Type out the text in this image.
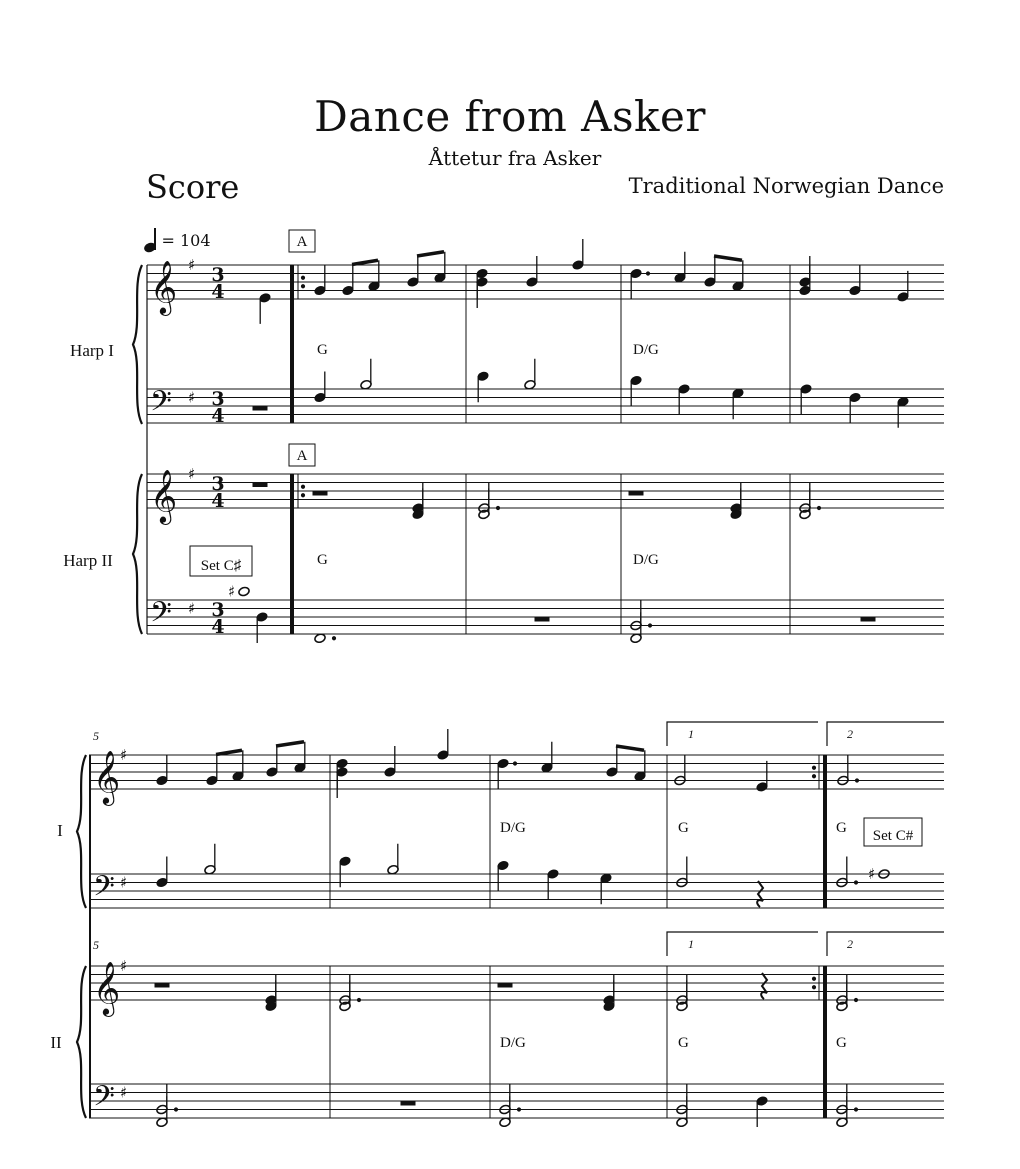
Dance from Asker
Åttetur fra Asker
Score	Traditional Norwegian Dance
= 104
Harp I
Harp II
𝄞 ♯ 3
4
𝄞 ♯ 3
4
𝄢 ♯ 3
4
𝄢 ♯ 3
4
A
A
♯
Set C♯
G	D/G
G	D/G
I
II
5
5
𝄞 ♯
𝄞 ♯
𝄢 ♯
𝄢 ♯
1	2
1	2
♯
Set C#
D/G	G	G
D/G	G	G
